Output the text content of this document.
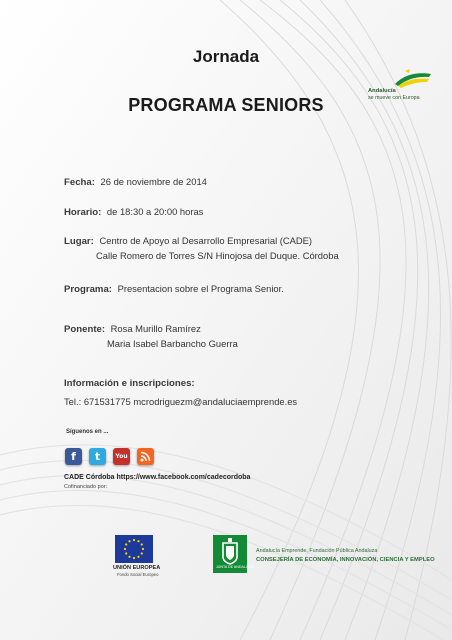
Jornada
PROGRAMA SENIORS
Andalucía
se mueve con Europa
Fecha: 26 de noviembre de 2014
Horario: de 18:30 a 20:00 horas
Lugar: Centro de Apoyo al Desarrollo Empresarial (CADE)
Calle Romero de Torres S/N Hinojosa del Duque. Córdoba
Programa: Presentacion sobre el Programa Senior.
Ponente: Rosa Murillo Ramírez
Maria Isabel Barbancho Guerra
Información e inscripciones:
Tel.: 671531775 mcrodriguezm@andaluciaemprende.es
Síguenos en ...
f	t	You
CADE Córdoba https://www.facebook.com/cadecordoba
Cofinanciado por:
UNIÓN EUROPEA
Fondo Social Europeo
JUNTA DE ANDALUCIA
Andalucía Emprende, Fundación Pública Andaluza
CONSEJERÍA DE ECONOMÍA, INNOVACIÓN, CIENCIA Y EMPLEO
